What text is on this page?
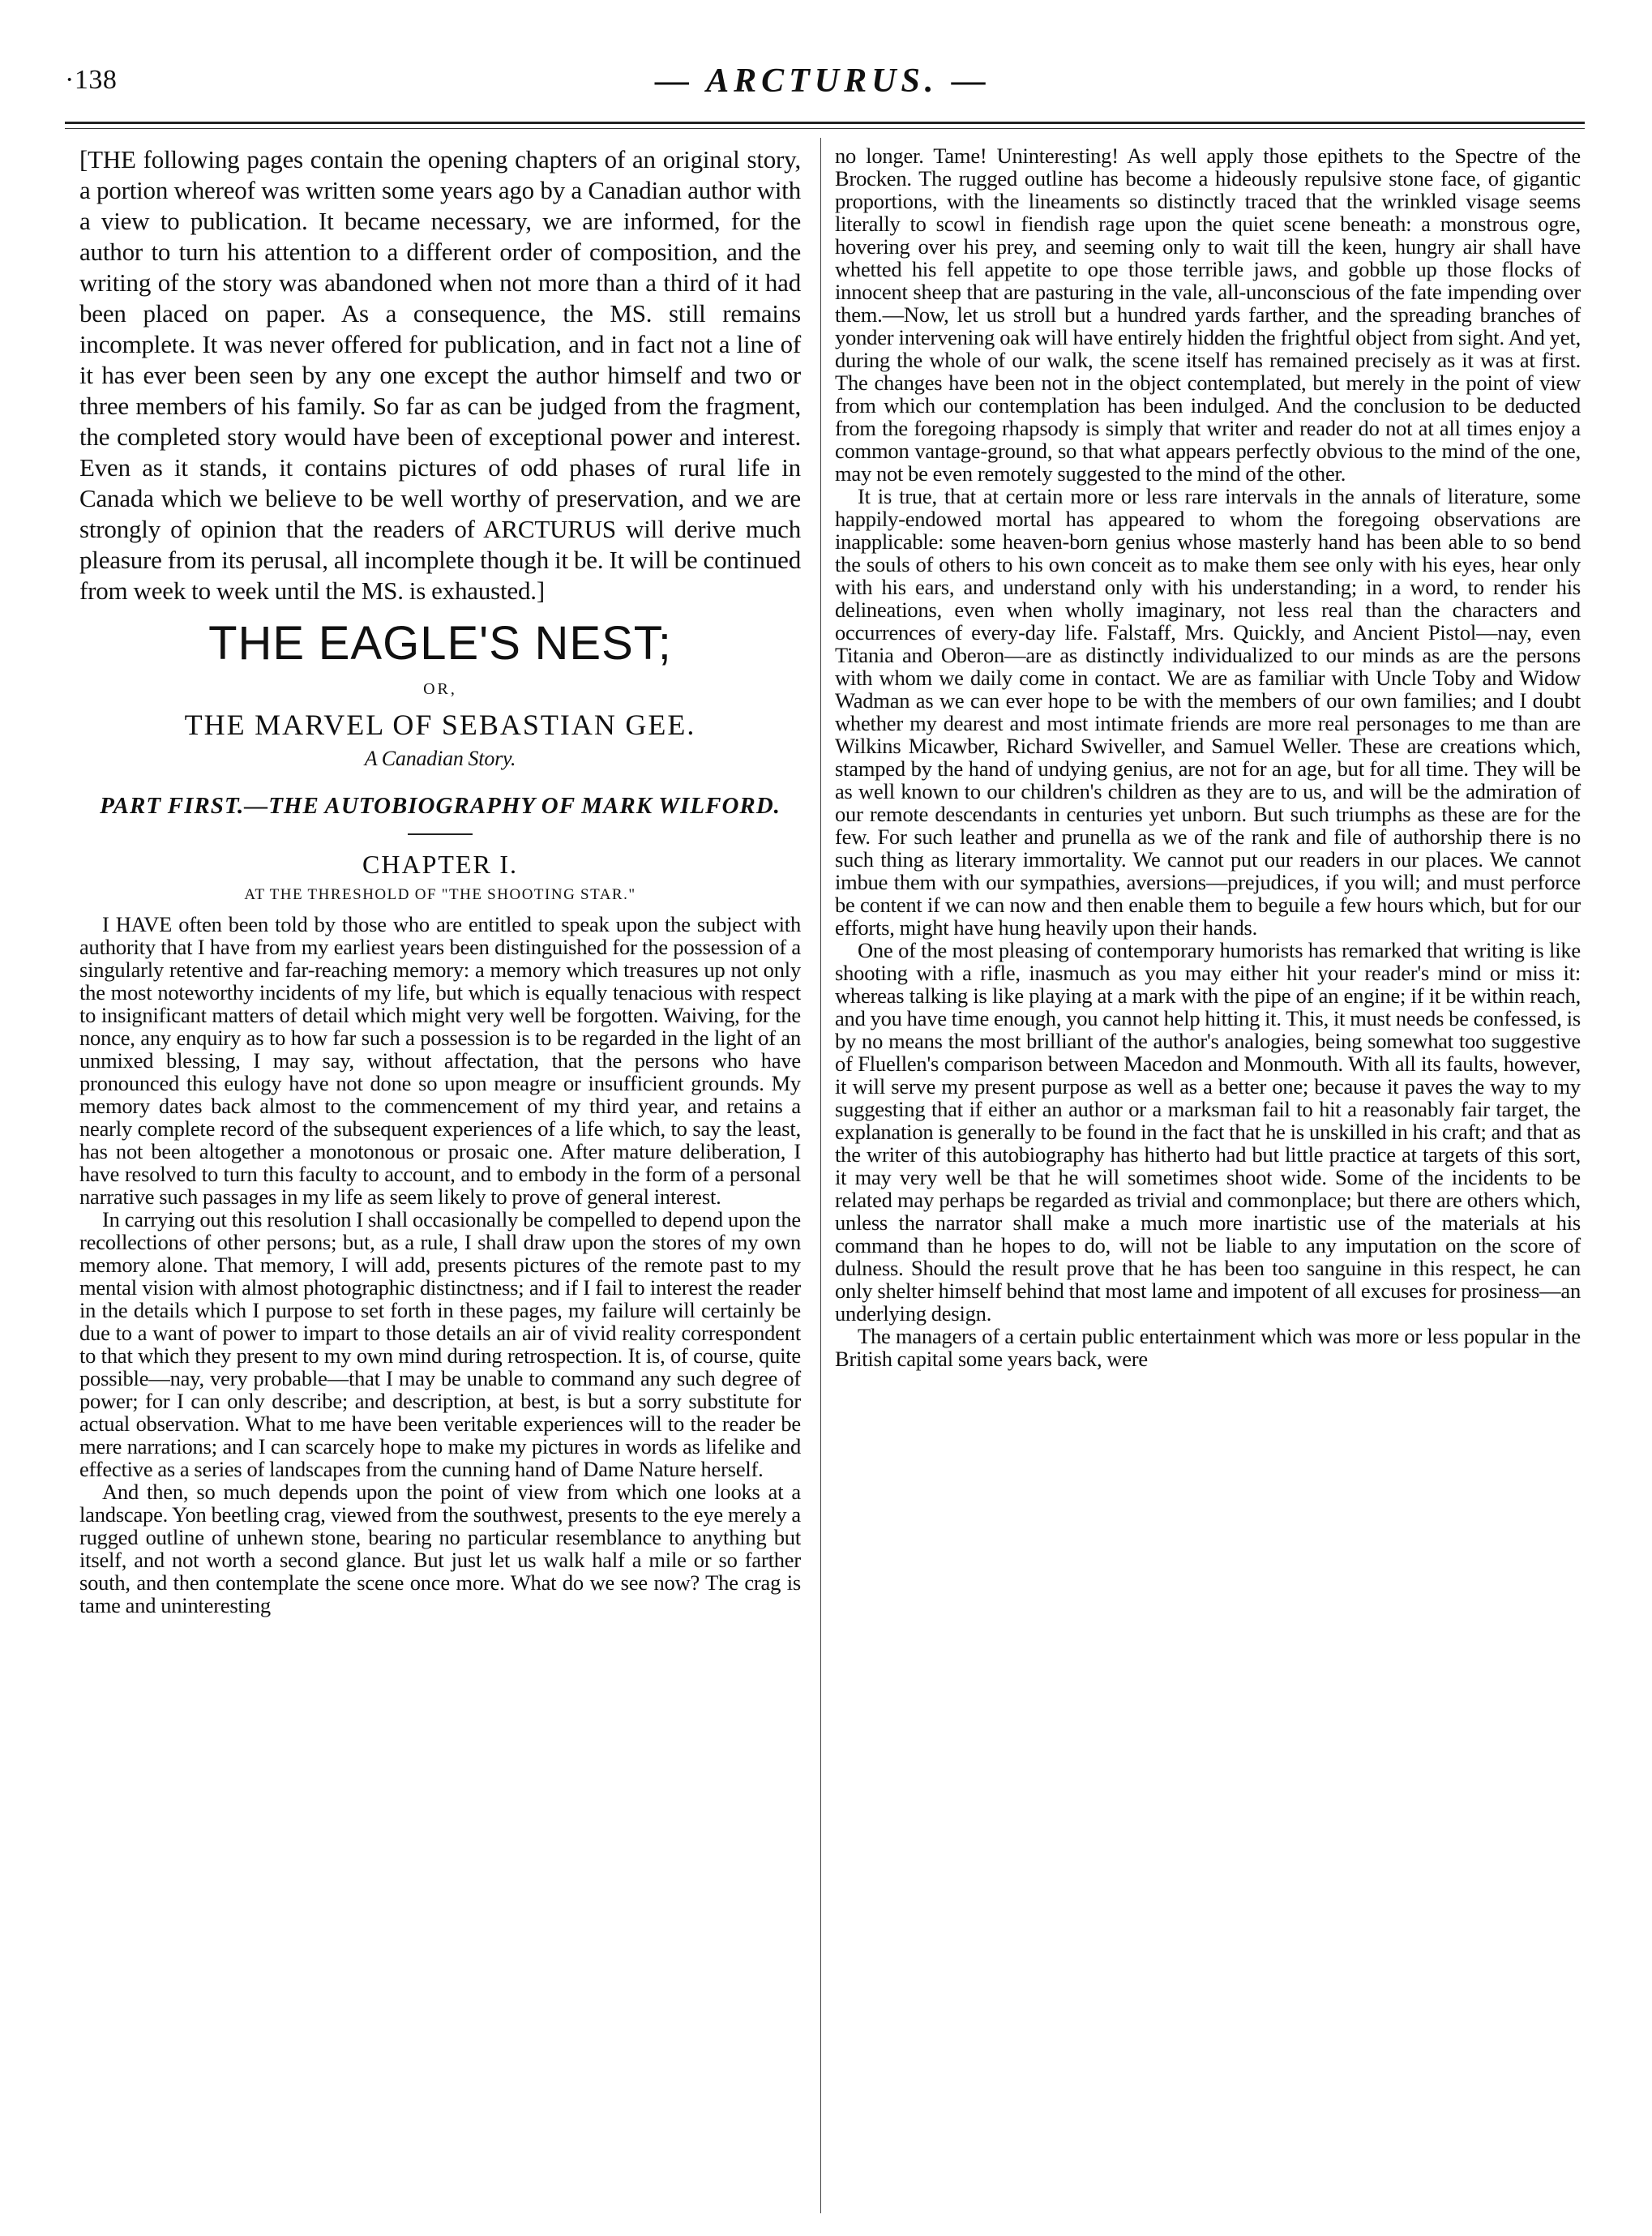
·138	— ARCTURUS. —

[THE following pages contain the opening chapters of an original story, a portion whereof was written some years ago by a Canadian author with a view to publication. It became necessary, we are informed, for the author to turn his attention to a different order of composition, and the writing of the story was abandoned when not more than a third of it had been placed on paper. As a consequence, the MS. still remains incomplete. It was never offered for publication, and in fact not a line of it has ever been seen by any one except the author himself and two or three members of his family. So far as can be judged from the fragment, the completed story would have been of exceptional power and interest. Even as it stands, it contains pictures of odd phases of rural life in Canada which we believe to be well worthy of preservation, and we are strongly of opinion that the readers of ARCTURUS will derive much pleasure from its perusal, all incomplete though it be. It will be continued from week to week until the MS. is exhausted.]

THE EAGLE'S NEST;
OR,
THE MARVEL OF SEBASTIAN GEE.
A Canadian Story.
PART FIRST.—THE AUTOBIOGRAPHY OF MARK WILFORD.
CHAPTER I.
AT THE THRESHOLD OF "THE SHOOTING STAR."

I HAVE often been told by those who are entitled to speak upon the subject with authority that I have from my earliest years been distinguished for the possession of a singularly retentive and far-reaching memory: a memory which treasures up not only the most noteworthy incidents of my life, but which is equally tenacious with respect to insignificant matters of detail which might very well be forgotten. Waiving, for the nonce, any enquiry as to how far such a possession is to be regarded in the light of an unmixed blessing, I may say, without affectation, that the persons who have pronounced this eulogy have not done so upon meagre or insufficient grounds. My memory dates back almost to the commencement of my third year, and retains a nearly complete record of the subsequent experiences of a life which, to say the least, has not been altogether a monotonous or prosaic one. After mature deliberation, I have resolved to turn this faculty to account, and to embody in the form of a personal narrative such passages in my life as seem likely to prove of general interest.

In carrying out this resolution I shall occasionally be compelled to depend upon the recollections of other persons; but, as a rule, I shall draw upon the stores of my own memory alone. That memory, I will add, presents pictures of the remote past to my mental vision with almost photographic distinctness; and if I fail to interest the reader in the details which I purpose to set forth in these pages, my failure will certainly be due to a want of power to impart to those details an air of vivid reality correspondent to that which they present to my own mind during retrospection. It is, of course, quite possible—nay, very probable—that I may be unable to command any such degree of power; for I can only describe; and description, at best, is but a sorry substitute for actual observation. What to me have been veritable experiences will to the reader be mere narrations; and I can scarcely hope to make my pictures in words as lifelike and effective as a series of landscapes from the cunning hand of Dame Nature herself.

And then, so much depends upon the point of view from which one looks at a landscape. Yon beetling crag, viewed from the southwest, presents to the eye merely a rugged outline of unhewn stone, bearing no particular resemblance to anything but itself, and not worth a second glance. But just let us walk half a mile or so farther south, and then contemplate the scene once more. What do we see now? The crag is tame and uninteresting

no longer. Tame! Uninteresting! As well apply those epithets to the Spectre of the Brocken. The rugged outline has become a hideously repulsive stone face, of gigantic proportions, with the lineaments so distinctly traced that the wrinkled visage seems literally to scowl in fiendish rage upon the quiet scene beneath: a monstrous ogre, hovering over his prey, and seeming only to wait till the keen, hungry air shall have whetted his fell appetite to ope those terrible jaws, and gobble up those flocks of innocent sheep that are pasturing in the vale, all-unconscious of the fate impending over them.—Now, let us stroll but a hundred yards farther, and the spreading branches of yonder intervening oak will have entirely hidden the frightful object from sight. And yet, during the whole of our walk, the scene itself has remained precisely as it was at first. The changes have been not in the object contemplated, but merely in the point of view from which our contemplation has been indulged. And the conclusion to be deducted from the foregoing rhapsody is simply that writer and reader do not at all times enjoy a common vantage-ground, so that what appears perfectly obvious to the mind of the one, may not be even remotely suggested to the mind of the other.

It is true, that at certain more or less rare intervals in the annals of literature, some happily-endowed mortal has appeared to whom the foregoing observations are inapplicable: some heaven-born genius whose masterly hand has been able to so bend the souls of others to his own conceit as to make them see only with his eyes, hear only with his ears, and understand only with his understanding; in a word, to render his delineations, even when wholly imaginary, not less real than the characters and occurrences of every-day life. Falstaff, Mrs. Quickly, and Ancient Pistol—nay, even Titania and Oberon—are as distinctly individualized to our minds as are the persons with whom we daily come in contact. We are as familiar with Uncle Toby and Widow Wadman as we can ever hope to be with the members of our own families; and I doubt whether my dearest and most intimate friends are more real personages to me than are Wilkins Micawber, Richard Swiveller, and Samuel Weller. These are creations which, stamped by the hand of undying genius, are not for an age, but for all time. They will be as well known to our children's children as they are to us, and will be the admiration of our remote descendants in centuries yet unborn. But such triumphs as these are for the few. For such leather and prunella as we of the rank and file of authorship there is no such thing as literary immortality. We cannot put our readers in our places. We cannot imbue them with our sympathies, aversions—prejudices, if you will; and must perforce be content if we can now and then enable them to beguile a few hours which, but for our efforts, might have hung heavily upon their hands.

One of the most pleasing of contemporary humorists has remarked that writing is like shooting with a rifle, inasmuch as you may either hit your reader's mind or miss it: whereas talking is like playing at a mark with the pipe of an engine; if it be within reach, and you have time enough, you cannot help hitting it. This, it must needs be confessed, is by no means the most brilliant of the author's analogies, being somewhat too suggestive of Fluellen's comparison between Macedon and Monmouth. With all its faults, however, it will serve my present purpose as well as a better one; because it paves the way to my suggesting that if either an author or a marksman fail to hit a reasonably fair target, the explanation is generally to be found in the fact that he is unskilled in his craft; and that as the writer of this autobiography has hitherto had but little practice at targets of this sort, it may very well be that he will sometimes shoot wide. Some of the incidents to be related may perhaps be regarded as trivial and commonplace; but there are others which, unless the narrator shall make a much more inartistic use of the materials at his command than he hopes to do, will not be liable to any imputation on the score of dulness. Should the result prove that he has been too sanguine in this respect, he can only shelter himself behind that most lame and impotent of all excuses for prosiness—an underlying design.

The managers of a certain public entertainment which was more or less popular in the British capital some years back, were
